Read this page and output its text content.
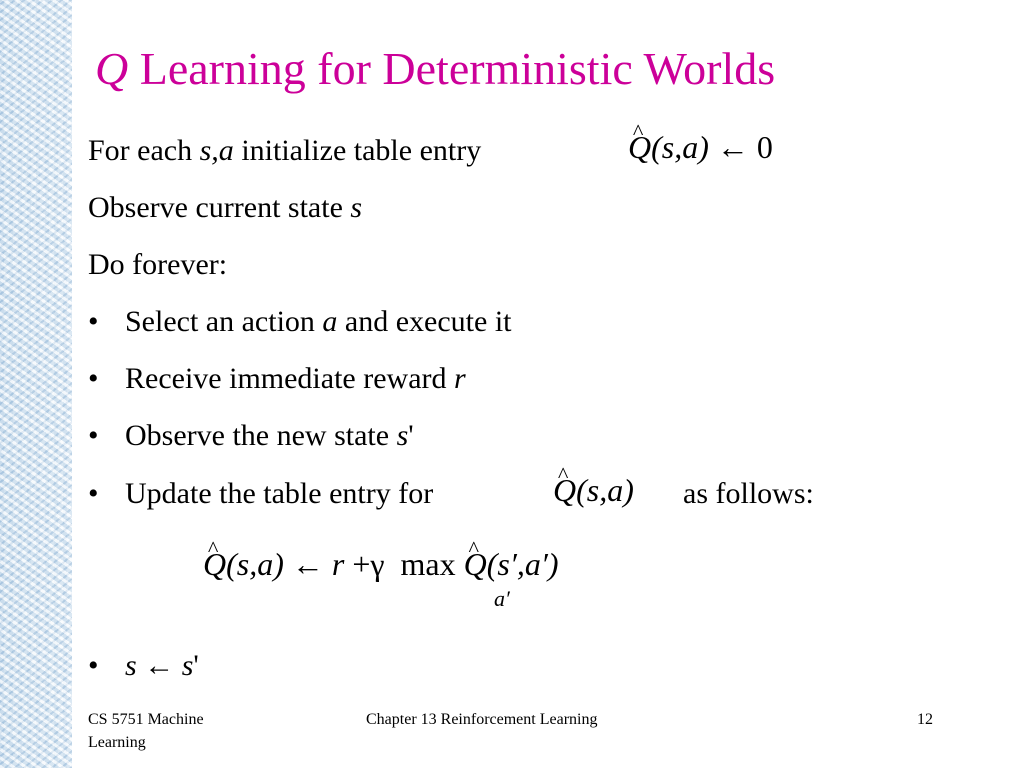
Q Learning for Deterministic Worlds
For each s,a initialize table entry	^ Q(s,a) ← 0
Observe current state s
Do forever:
• Select an action a and execute it
• Receive immediate reward r
• Observe the new state s'
• Update the table entry for	^ Q(s,a) as follows:
^ Q(s,a) ← r +γ max ^ Q(s′,a′)
a′
• s ← s'
CS 5751 Machine Learning
Chapter 13 Reinforcement Learning	12
